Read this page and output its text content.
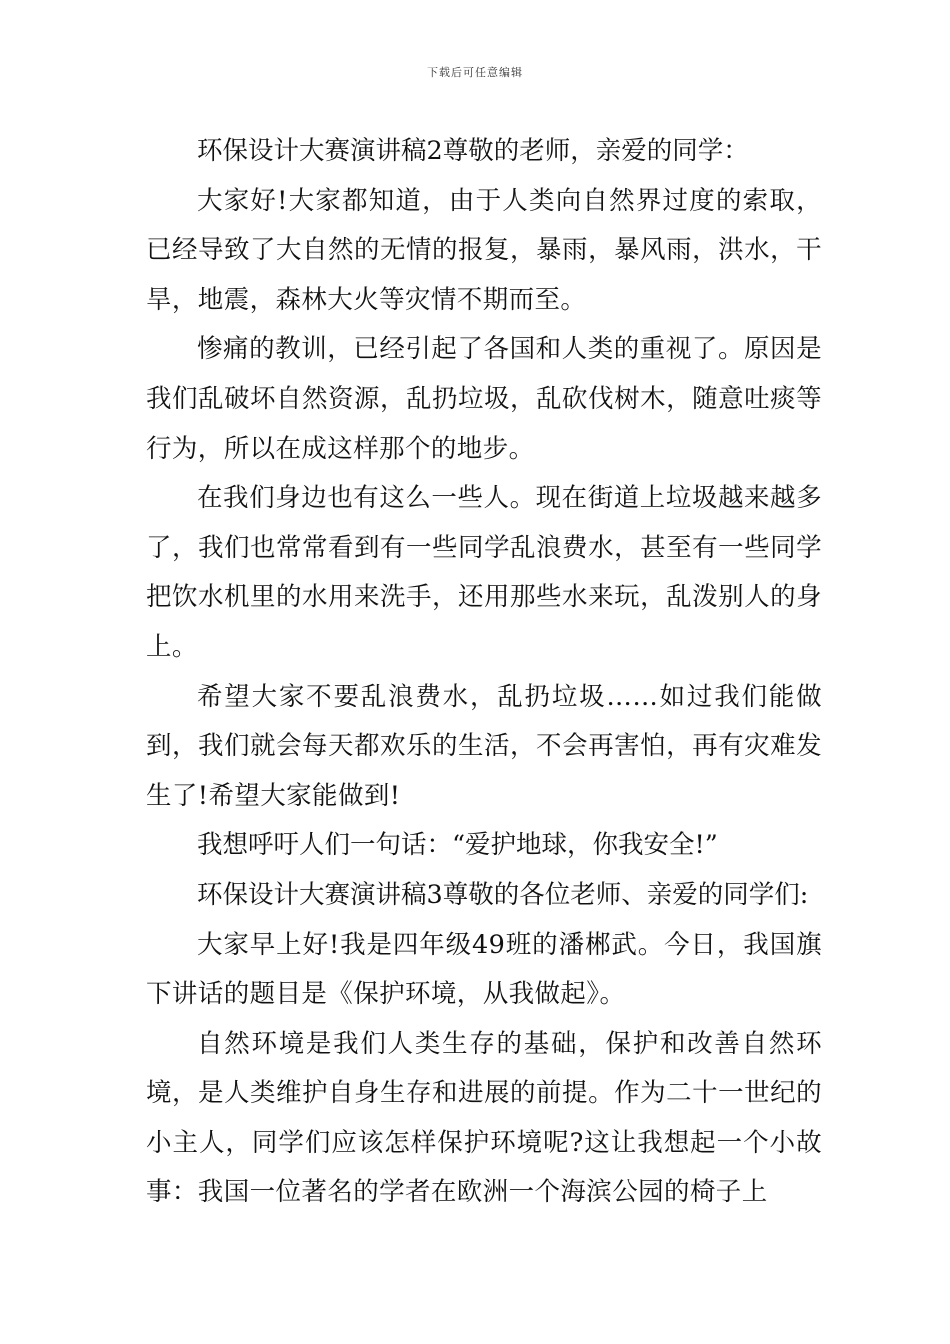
下载后可任意编辑

环保设计大赛演讲稿2尊敬的老师，亲爱的同学：

大家好!大家都知道，由于人类向自然界过度的索取，已经导致了大自然的无情的报复，暴雨，暴风雨，洪水，干旱，地震，森林大火等灾情不期而至。

惨痛的教训，已经引起了各国和人类的重视了。原因是我们乱破坏自然资源，乱扔垃圾，乱砍伐树木，随意吐痰等行为，所以在成这样那个的地步。

在我们身边也有这么一些人。现在街道上垃圾越来越多了，我们也常常看到有一些同学乱浪费水，甚至有一些同学把饮水机里的水用来洗手，还用那些水来玩，乱泼别人的身上。

希望大家不要乱浪费水，乱扔垃圾……如过我们能做到，我们就会每天都欢乐的生活，不会再害怕，再有灾难发生了!希望大家能做到!

我想呼吁人们一句话：“爱护地球，你我安全!”

环保设计大赛演讲稿3尊敬的各位老师、亲爱的同学们:

大家早上好!我是四年级49班的潘郴武。今日，我国旗下讲话的题目是《保护环境，从我做起》。

自然环境是我们人类生存的基础，保护和改善自然环境，是人类维护自身生存和进展的前提。作为二十一世纪的小主人，同学们应该怎样保护环境呢?这让我想起一个小故事：我国一位著名的学者在欧洲一个海滨公园的椅子上
